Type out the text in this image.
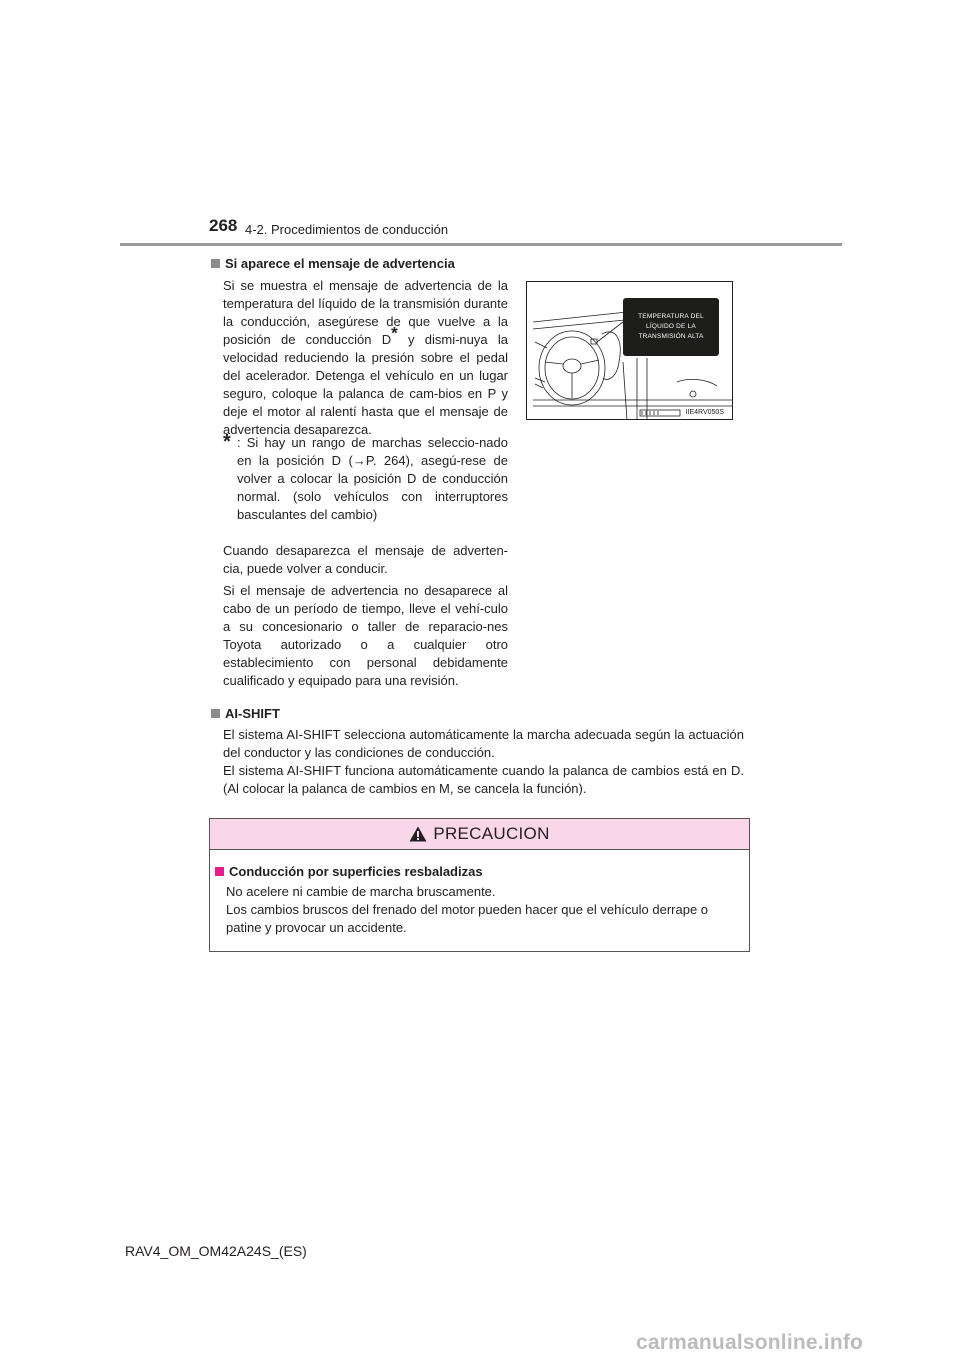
268 4-2. Procedimientos de conducción
Si aparece el mensaje de advertencia

Si se muestra el mensaje de advertencia de la temperatura del líquido de la transmisión durante la conducción, asegúrese de que vuelve a la posición de conducción D* y dismi-nuya la velocidad reduciendo la presión sobre el pedal del acelerador. Detenga el vehículo en un lugar seguro, coloque la palanca de cam-bios en P y deje el motor al ralentí hasta que el mensaje de advertencia desaparezca.

* : Si hay un rango de marchas seleccio-nado en la posición D (→P. 264), asegú-rese de volver a colocar la posición D de conducción normal. (solo vehículos con interruptores basculantes del cambio)

Cuando desaparezca el mensaje de adverten-cia, puede volver a conducir.

Si el mensaje de advertencia no desaparece al cabo de un período de tiempo, lleve el vehí-culo a su concesionario o taller de reparacio-nes Toyota autorizado o a cualquier otro establecimiento con personal debidamente cualificado y equipado para una revisión.

TEMPERATURA DEL
LÍQUIDO DE LA
TRANSMISIÓN ALTA
IIE4RV050S
AI-SHIFT

El sistema AI-SHIFT selecciona automáticamente la marcha adecuada según la actuación del conductor y las condiciones de conducción.

El sistema AI-SHIFT funciona automáticamente cuando la palanca de cambios está en D. (Al colocar la palanca de cambios en M, se cancela la función).

PRECAUCION
Conducción por superficies resbaladizas
No acelere ni cambie de marcha bruscamente.
Los cambios bruscos del frenado del motor pueden hacer que el vehículo derrape o patine y provocar un accidente.
RAV4_OM_OM42A24S_(ES)
carmanualsonline.info
